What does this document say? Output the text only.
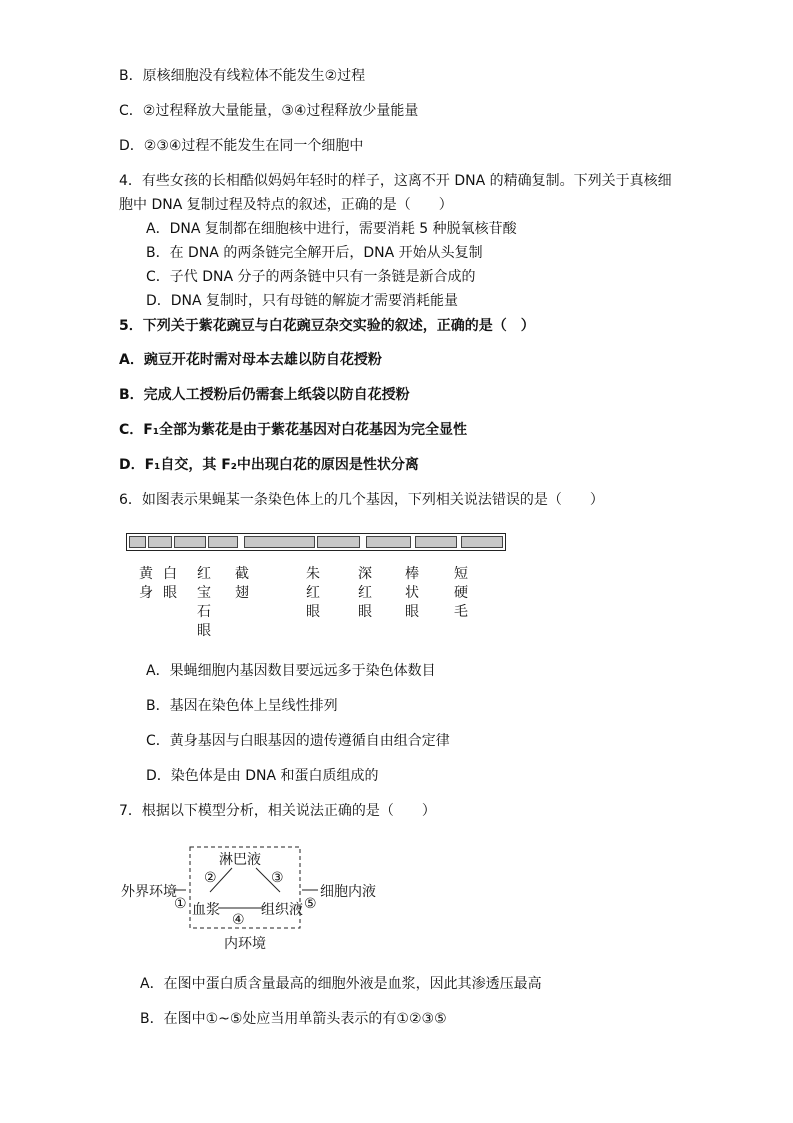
B．原核细胞没有线粒体不能发生②过程
C．②过程释放大量能量，③④过程释放少量能量
D．②③④过程不能发生在同一个细胞中
4．有些女孩的长相酷似妈妈年轻时的样子，这离不开 DNA 的精确复制。下列关于真核细
胞中 DNA 复制过程及特点的叙述，正确的是（　　）
A．DNA 复制都在细胞核中进行，需要消耗 5 种脱氧核苷酸
B．在 DNA 的两条链完全解开后，DNA 开始从头复制
C．子代 DNA 分子的两条链中只有一条链是新合成的
D．DNA 复制时，只有母链的解旋才需要消耗能量
5．下列关于紫花豌豆与白花豌豆杂交实验的叙述，正确的是（　）
A．豌豆开花时需对母本去雄以防自花授粉
B．完成人工授粉后仍需套上纸袋以防自花授粉
C．F₁全部为紫花是由于紫花基因对白花基因为完全显性
D．F₁自交，其 F₂中出现白花的原因是性状分离
6．如图表示果蝇某一条染色体上的几个基因，下列相关说法错误的是（　　）
黄身
白眼
红宝石眼
截翅
朱红眼
深红眼
棒状眼
短硬毛
A．果蝇细胞内基因数目要远远多于染色体数目
B．基因在染色体上呈线性排列
C．黄身基因与白眼基因的遗传遵循自由组合定律
D．染色体是由 DNA 和蛋白质组成的
7．根据以下模型分析，相关说法正确的是（　　）
外界环境
淋巴液
血浆	组织液
细胞内液
内环境
①
②	③
④
⑤
A．在图中蛋白质含量最高的细胞外液是血浆，因此其渗透压最高
B．在图中①~⑤处应当用单箭头表示的有①②③⑤
